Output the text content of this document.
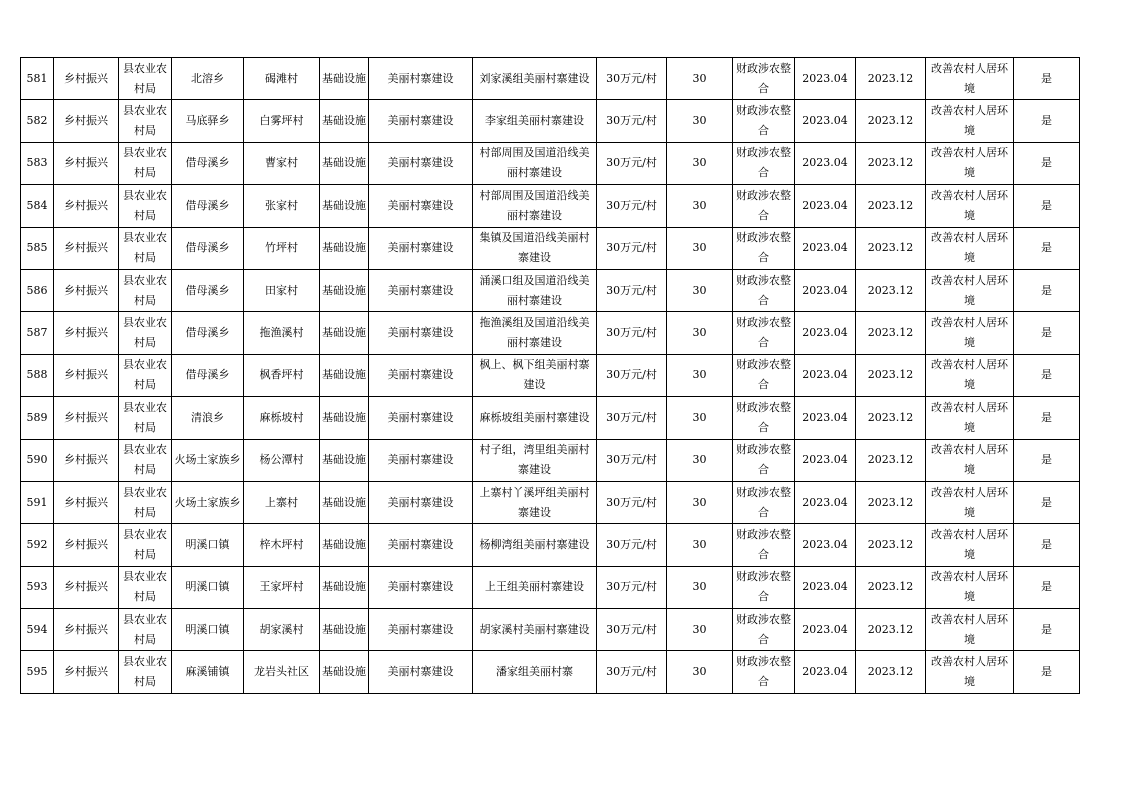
581	乡村振兴	县农业农村局	北溶乡	碣滩村	基础设施	美丽村寨建设	刘家溪组美丽村寨建设	30万元/村	30	财政涉农整合	2023.04	2023.12	改善农村人居环境	是
582	乡村振兴	县农业农村局	马底驿乡	白雾坪村	基础设施	美丽村寨建设	李家组美丽村寨建设	30万元/村	30	财政涉农整合	2023.04	2023.12	改善农村人居环境	是
583	乡村振兴	县农业农村局	借母溪乡	曹家村	基础设施	美丽村寨建设	村部周围及国道沿线美丽村寨建设	30万元/村	30	财政涉农整合	2023.04	2023.12	改善农村人居环境	是
584	乡村振兴	县农业农村局	借母溪乡	张家村	基础设施	美丽村寨建设	村部周围及国道沿线美丽村寨建设	30万元/村	30	财政涉农整合	2023.04	2023.12	改善农村人居环境	是
585	乡村振兴	县农业农村局	借母溪乡	竹坪村	基础设施	美丽村寨建设	集镇及国道沿线美丽村寨建设	30万元/村	30	财政涉农整合	2023.04	2023.12	改善农村人居环境	是
586	乡村振兴	县农业农村局	借母溪乡	田家村	基础设施	美丽村寨建设	涌溪口组及国道沿线美丽村寨建设	30万元/村	30	财政涉农整合	2023.04	2023.12	改善农村人居环境	是
587	乡村振兴	县农业农村局	借母溪乡	拖渔溪村	基础设施	美丽村寨建设	拖渔溪组及国道沿线美丽村寨建设	30万元/村	30	财政涉农整合	2023.04	2023.12	改善农村人居环境	是
588	乡村振兴	县农业农村局	借母溪乡	枫香坪村	基础设施	美丽村寨建设	枫上、枫下组美丽村寨建设	30万元/村	30	财政涉农整合	2023.04	2023.12	改善农村人居环境	是
589	乡村振兴	县农业农村局	清浪乡	麻栎坡村	基础设施	美丽村寨建设	麻栎坡组美丽村寨建设	30万元/村	30	财政涉农整合	2023.04	2023.12	改善农村人居环境	是
590	乡村振兴	县农业农村局	火场土家族乡	杨公潭村	基础设施	美丽村寨建设	村子组，湾里组美丽村寨建设	30万元/村	30	财政涉农整合	2023.04	2023.12	改善农村人居环境	是
591	乡村振兴	县农业农村局	火场土家族乡	上寨村	基础设施	美丽村寨建设	上寨村丫溪坪组美丽村寨建设	30万元/村	30	财政涉农整合	2023.04	2023.12	改善农村人居环境	是
592	乡村振兴	县农业农村局	明溪口镇	梓木坪村	基础设施	美丽村寨建设	杨柳湾组美丽村寨建设	30万元/村	30	财政涉农整合	2023.04	2023.12	改善农村人居环境	是
593	乡村振兴	县农业农村局	明溪口镇	王家坪村	基础设施	美丽村寨建设	上王组美丽村寨建设	30万元/村	30	财政涉农整合	2023.04	2023.12	改善农村人居环境	是
594	乡村振兴	县农业农村局	明溪口镇	胡家溪村	基础设施	美丽村寨建设	胡家溪村美丽村寨建设	30万元/村	30	财政涉农整合	2023.04	2023.12	改善农村人居环境	是
595	乡村振兴	县农业农村局	麻溪铺镇	龙岩头社区	基础设施	美丽村寨建设	潘家组美丽村寨	30万元/村	30	财政涉农整合	2023.04	2023.12	改善农村人居环境	是
